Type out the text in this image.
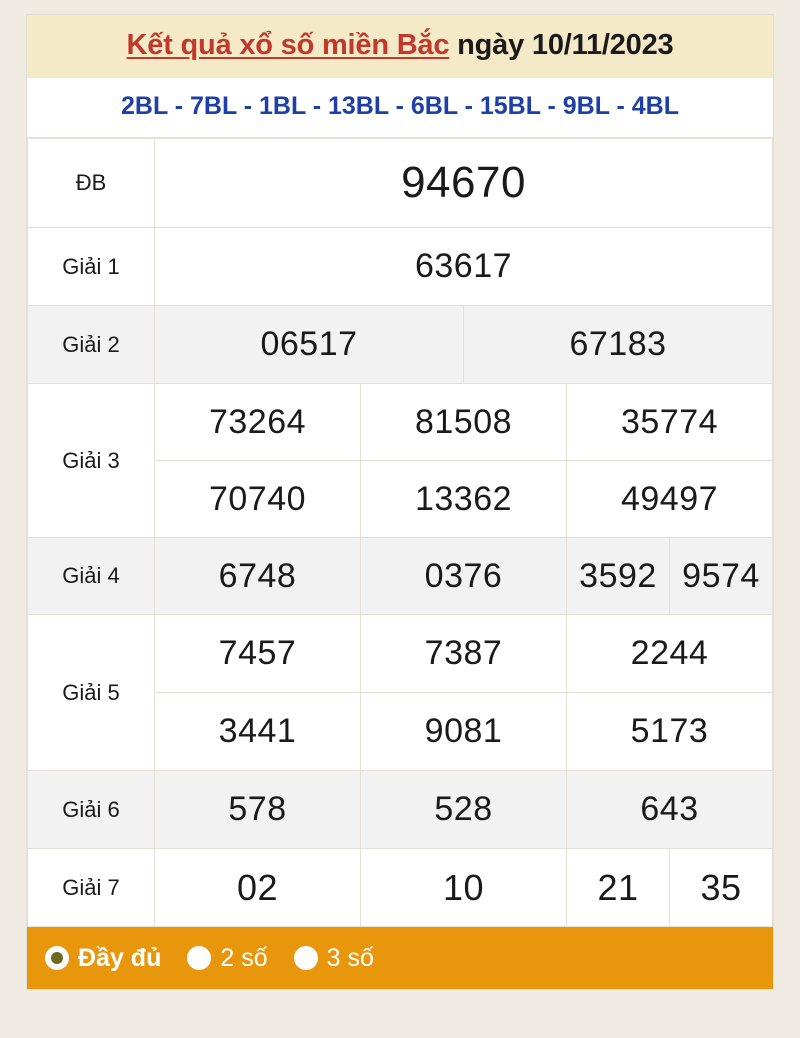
Kết quả xổ số miền Bắc ngày 10/11/2023
2BL - 7BL - 1BL - 13BL - 6BL - 15BL - 9BL - 4BL
ĐB	94670				
Giải 1	63617				
Giải 2	06517		67183		
Giải 3	73264	81508		35774	
	70740	13362		49497	
Giải 4	6748	0376		3592	9574
Giải 5	7457	7387		2244	
	3441	9081		5173	
Giải 6	578	528		643	
Giải 7	02	10		21	35
Đầy đủ 2 số 3 số
